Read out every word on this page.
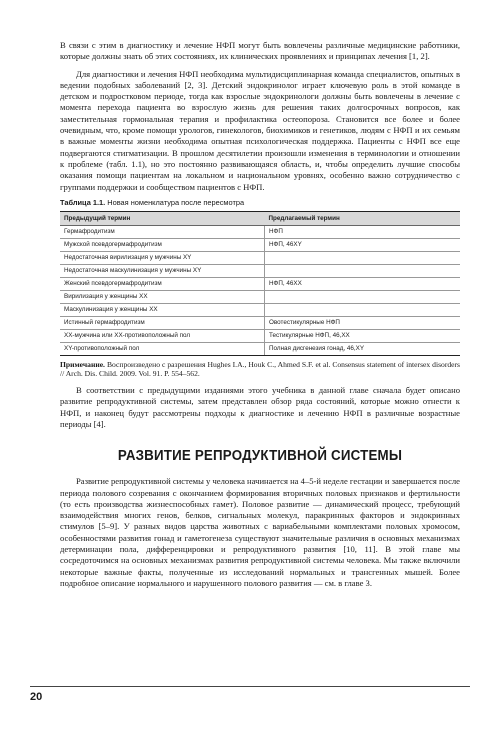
В связи с этим в диагностику и лечение НФП могут быть вовлечены различные медицинские работники, которые должны знать об этих состояниях, их клинических проявлениях и принципах лечения [1, 2].

Для диагностики и лечения НФП необходима мультидисциплинарная команда специалистов, опытных в ведении подобных заболеваний [2, 3]. Детский эндокринолог играет ключевую роль в этой команде в детском и подростковом периоде, тогда как взрослые эндокринологи должны быть вовлечены в лечение с момента перехода пациента во взрослую жизнь для решения таких долгосрочных вопросов, как заместительная гормональная терапия и профилактика остеопороза. Становится все более и более очевидным, что, кроме помощи урологов, гинекологов, биохимиков и генетиков, людям с НФП и их семьям в важные моменты жизни необходима опытная психологическая поддержка. Пациенты с НФП все еще подвергаются стигматизации. В прошлом десятилетии произошли изменения в терминологии и отношении к проблеме (табл. 1.1), но это постоянно развивающаяся область, и, чтобы определить лучшие способы оказания помощи пациентам на локальном и национальном уровнях, особенно важно сотрудничество с группами поддержки и сообществом пациентов с НФП.

Таблица 1.1. Новая номенклатура после пересмотра
Предыдущий термин	Предлагаемый термин
Гермафродитизм	НФП
Мужской псевдогермафродитизм	НФП, 46XY
Недостаточная вирилизация у мужчины XY	
Недостаточная маскулинизация у мужчины XY	
Женский псевдогермафродитизм	НФП, 46XX
Вирилизация у женщины XX	
Маскулинизация у женщины XX	
Истинный гермафродитизм	Овотестикулярные НФП
XX-мужчина или XX-противоположный пол	Тестикулярные НФП, 46,XX
XY-противоположный пол	Полная дисгенезия гонад, 46,XY

Примечание. Воспроизведено с разрешения Hughes I.A., Houk C., Ahmed S.F. et al. Consensus statement of intersex disorders // Arch. Dis. Child. 2009. Vol. 91. P. 554–562.

В соответствии с предыдущими изданиями этого учебника в данной главе сначала будет описано развитие репродуктивной системы, затем представлен обзор ряда состояний, которые можно отнести к НФП, и наконец будут рассмотрены подходы к диагностике и лечению НФП в различные возрастные периоды [4].

РАЗВИТИЕ РЕПРОДУКТИВНОЙ СИСТЕМЫ

Развитие репродуктивной системы у человека начинается на 4–5-й неделе гестации и завершается после периода полового созревания с окончанием формирования вторичных половых признаков и фертильности (то есть производства жизнеспособных гамет). Половое развитие — динамический процесс, требующий взаимодействия многих генов, белков, сигнальных молекул, паракринных факторов и эндокринных стимулов [5–9]. У разных видов царства животных с вариабельными комплектами половых хромосом, особенностями развития гонад и гаметогенеза существуют значительные различия в основных механизмах детерминации пола, дифференцировки и репродуктивного развития [10, 11]. В этой главе мы сосредоточимся на основных механизмах развития репродуктивной системы человека. Мы также включили некоторые важные факты, полученные из исследований нормальных и трансгенных мышей. Более подробное описание нормального и нарушенного полового развития — см. в главе 3.

20
